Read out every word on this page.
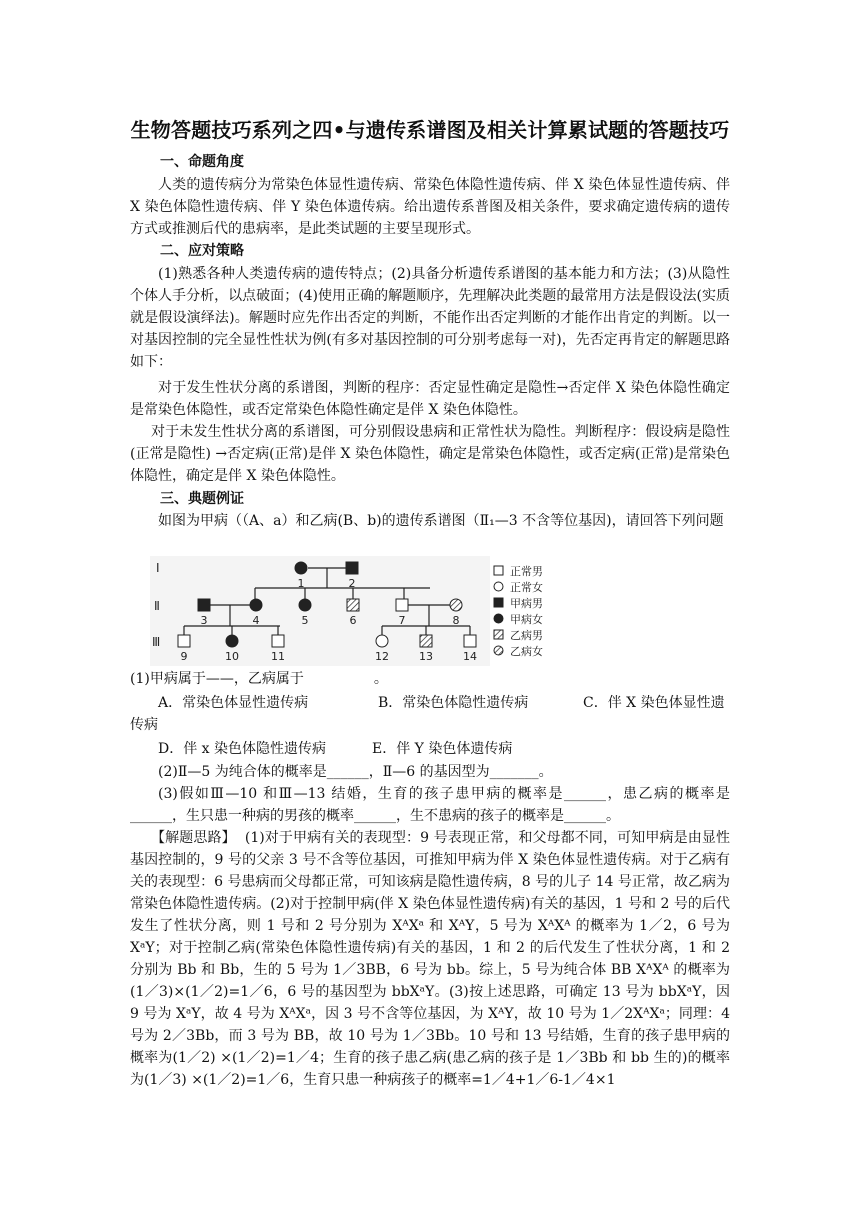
生物答题技巧系列之四•与遗传系谱图及相关计算累试题的答题技巧
一、命题角度
人类的遗传病分为常染色体显性遗传病、常染色体隐性遗传病、伴 X 染色体显性遗传病、伴 X 染色体隐性遗传病、伴 Y 染色体遗传病。给出遗传系普图及相关条件，要求确定遗传病的遗传方式或推测后代的患病率，是此类试题的主要呈现形式。
二、应对策略
(1)熟悉各种人类遗传病的遗传特点；(2)具备分析遗传系谱图的基本能力和方法；(3)从隐性个体人手分析，以点破面；(4)使用正确的解题顺序，先理解决此类题的最常用方法是假设法(实质就是假设演绎法)。解题时应先作出否定的判断，不能作出否定判断的才能作出肯定的判断。以一对基因控制的完全显性性状为例(有多对基因控制的可分别考虑每一对)，先否定再肯定的解题思路如下：
对于发生性状分离的系谱图，判断的程序：否定显性确定是隐性→否定伴 X 染色体隐性确定是常染色体隐性，或否定常染色体隐性确定是伴 X 染色体隐性。
对于未发生性状分离的系谱图，可分别假设患病和正常性状为隐性。判断程序：假设病是隐性(正常是隐性) →否定病(正常)是伴 X 染色体隐性，确定是常染色体隐性，或否定病(正常)是常染色体隐性，确定是伴 X 染色体隐性。
三、典题例证
如图为甲病（（A、a）和乙病(B、b)的遗传系谱图（Ⅱ₁—3 不含等位基因)，请回答下列问题
Ⅰ
Ⅱ
Ⅲ
1	2
3	4	5	6	7	8
9	10	11	12	13	14
正常男
正常女
甲病男
甲病女
乙病男
乙病女
(1)甲病属于——，乙病属于　　　　　。
A．常染色体显性遗传病	B．常染色体隐性遗传病	C．伴 X 染色体显性遗
传病
D．伴 x 染色体隐性遗传病	E．伴 Y 染色体遗传病
(2)Ⅱ—5 为纯合体的概率是______，Ⅱ—6 的基因型为_______。
(3)假如Ⅲ—10 和Ⅲ—13 结婚，生育的孩子患甲病的概率是______，患乙病的概率是______，生只患一种病的男孩的概率______，生不患病的孩子的概率是______。
【解题思路】 (1)对于甲病有关的表现型：9 号表现正常，和父母都不同，可知甲病是由显性基因控制的，9 号的父亲 3 号不含等位基因，可推知甲病为伴 X 染色体显性遗传病。对于乙病有关的表现型：6 号患病而父母都正常，可知该病是隐性遗传病，8 号的儿子 14 号正常，故乙病为常染色体隐性遗传病。(2)对于控制甲病(伴 X 染色体显性遗传病)有关的基因，1 号和 2 号的后代发生了性状分离，则 1 号和 2 号分别为 XᴬXᵃ 和 XᴬY，5 号为 XᴬXᴬ 的概率为 1／2，6 号为 XᵃY；对于控制乙病(常染色体隐性遗传病)有关的基因，1 和 2 的后代发生了性状分离，1 和 2 分别为 Bb 和 Bb，生的 5 号为 1／3BB，6 号为 bb。综上，5 号为纯合体 BB XᴬXᴬ 的概率为(1／3)×(1／2)=1／6，6 号的基因型为 bbXᵃY。(3)按上述思路，可确定 13 号为 bbXᵃY，因 9 号为 XᵃY，故 4 号为 XᴬXᵃ，因 3 号不含等位基因，为 XᴬY，故 10 号为 1／2XᴬXᵃ；同理：4 号为 2／3Bb，而 3 号为 BB，故 10 号为 1／3Bb。10 号和 13 号结婚，生育的孩子患甲病的概率为(1／2) ×(1／2)=1／4；生育的孩子患乙病(患乙病的孩子是 1／3Bb 和 bb 生的)的概率为(1／3) ×(1／2)=1／6，生育只患一种病孩子的概率=1／4+1／6-1／4×1
